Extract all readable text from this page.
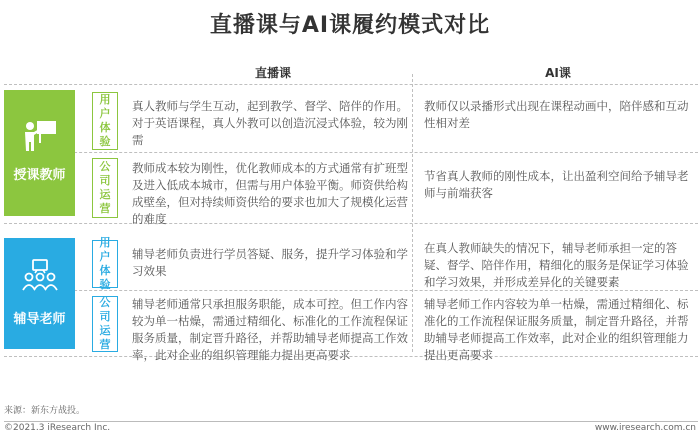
直播课与AI课履约模式对比
直播课	AI课
授课教师
用户体验
公司运营
真人教师与学生互动，起到教学、督学、陪伴的作用。对于英语课程，真人外教可以创造沉浸式体验，较为刚需
教师仅以录播形式出现在课程动画中，陪伴感和互动性相对差
教师成本较为刚性，优化教师成本的方式通常有扩班型及进入低成本城市，但需与用户体验平衡。师资供给构成壁垒，但对持续师资供给的要求也加大了规模化运营的难度
节省真人教师的刚性成本，让出盈利空间给予辅导老师与前端获客
辅导老师
用户体验
公司运营
辅导老师负责进行学员答疑、服务，提升学习体验和学习效果
在真人教师缺失的情况下，辅导老师承担一定的答疑、督学、陪伴作用，精细化的服务是保证学习体验和学习效果，并形成差异化的关键要素
辅导老师通常只承担服务职能，成本可控。但工作内容较为单一枯燥，需通过精细化、标准化的工作流程保证服务质量，制定晋升路径，并帮助辅导老师提高工作效率，此对企业的组织管理能力提出更高要求
辅导老师工作内容较为单一枯燥，需通过精细化、标准化的工作流程保证服务质量，制定晋升路径，并帮助辅导老师提高工作效率，此对企业的组织管理能力提出更高要求
来源：新东方战投。
©2021.3 iResearch Inc.	www.iresearch.com.cn
